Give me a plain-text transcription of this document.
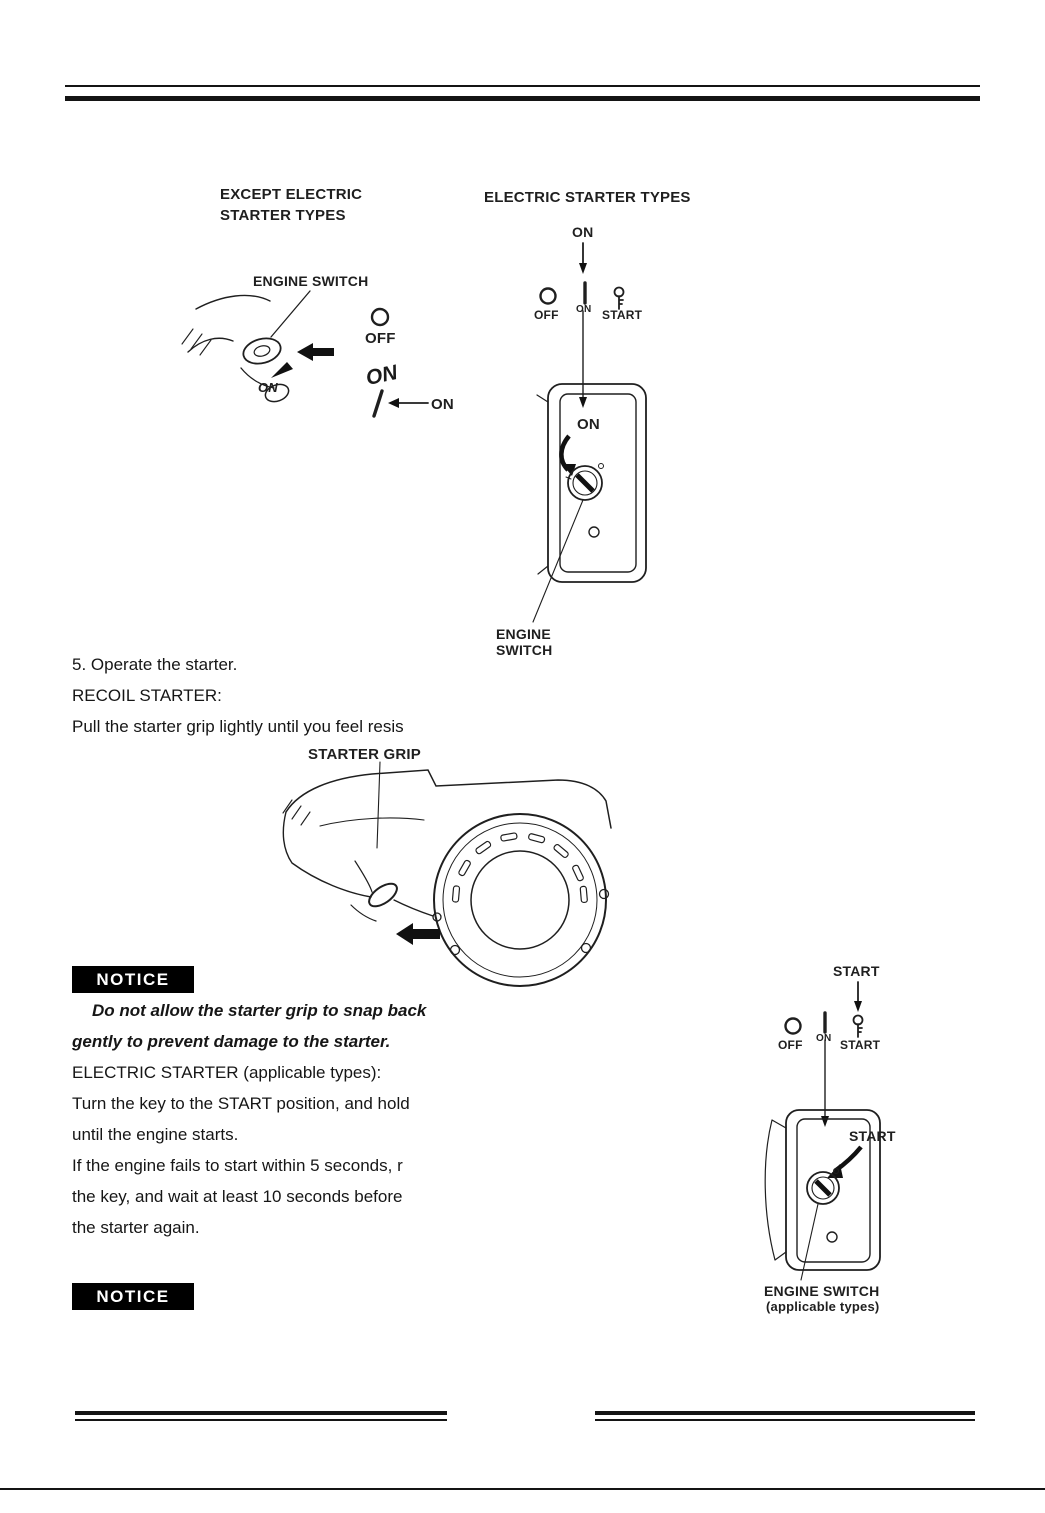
EXCEPT ELECTRIC
STARTER TYPES
ENGINE SWITCH
ON
OFF
ON
ON
ELECTRIC STARTER TYPES
ON
OFF ON START
ON
ENGINE
SWITCH
5. Operate the starter.
RECOIL STARTER:
Pull the starter grip lightly until you feel resis
STARTER GRIP
NOTICE
Do not allow the starter grip to snap back
gently to prevent damage to the starter.
ELECTRIC STARTER (applicable types):
Turn the key to the START position, and hold
until the engine starts.
If the engine fails to start within 5 seconds, r
the key, and wait at least 10 seconds before
the starter again.
NOTICE
START
OFF ON START
START
ENGINE SWITCH
(applicable types)
